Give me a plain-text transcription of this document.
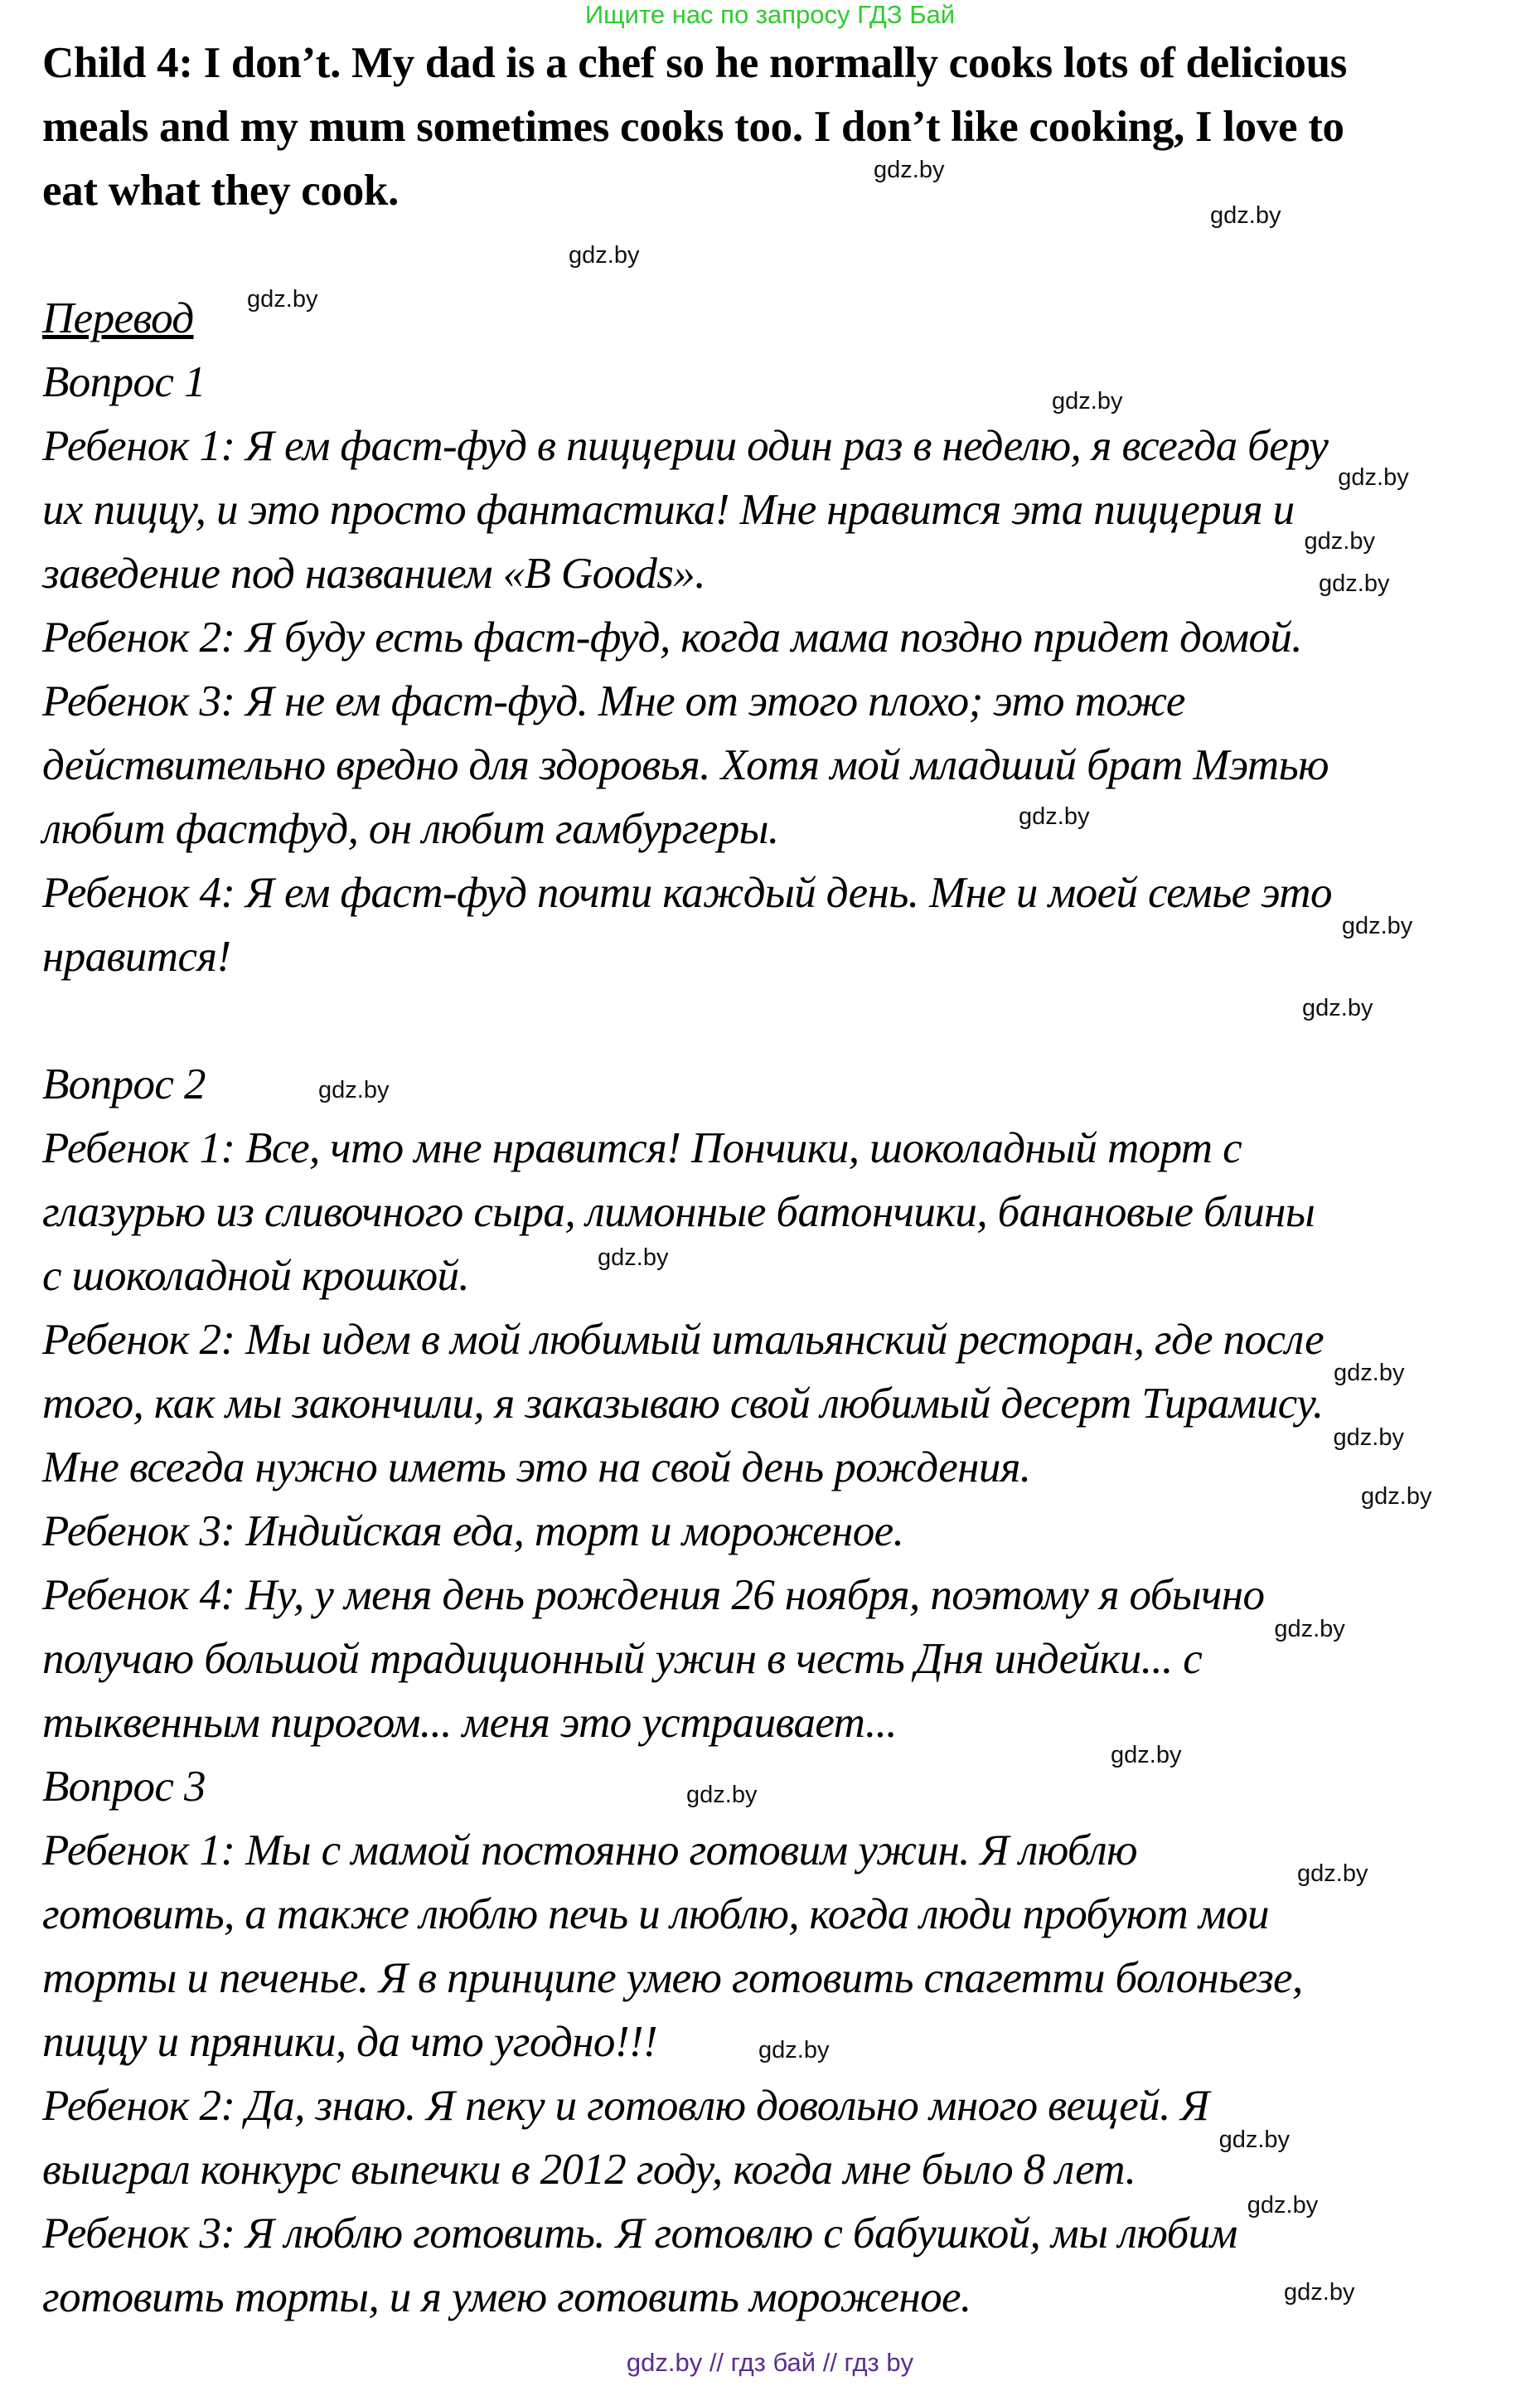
Ищите нас по запросу ГДЗ Бай
Child 4: I don’t. My dad is a chef so he normally cooks lots of delicious
meals and my mum sometimes cooks too. I don’t like cooking, I love to
eat what they cook.
Перевод
Вопрос 1
Ребенок 1: Я ем фаст-фуд в пиццерии один раз в неделю, я всегда беру
их пиццу, и это просто фантастика! Мне нравится эта пиццерия и
заведение под названием «B Goods».
Ребенок 2: Я буду есть фаст-фуд, когда мама поздно придет домой.
Ребенок 3: Я не ем фаст-фуд. Мне от этого плохо; это тоже
действительно вредно для здоровья. Хотя мой младший брат Мэтью
любит фастфуд, он любит гамбургеры.
Ребенок 4: Я ем фаст-фуд почти каждый день. Мне и моей семье это
нравится!
Вопрос 2
Ребенок 1: Все, что мне нравится! Пончики, шоколадный торт с
глазурью из сливочного сыра, лимонные батончики, банановые блины
с шоколадной крошкой.
Ребенок 2: Мы идем в мой любимый итальянский ресторан, где после
того, как мы закончили, я заказываю свой любимый десерт Тирамису.
Мне всегда нужно иметь это на свой день рождения.
Ребенок 3: Индийская еда, торт и мороженое.
Ребенок 4: Ну, у меня день рождения 26 ноября, поэтому я обычно
получаю большой традиционный ужин в честь Дня индейки... с
тыквенным пирогом... меня это устраивает...
Вопрос 3
Ребенок 1: Мы с мамой постоянно готовим ужин. Я люблю
готовить, а также люблю печь и люблю, когда люди пробуют мои
торты и печенье. Я в принципе умею готовить спагетти болоньезе,
пиццу и пряники, да что угодно!!!
Ребенок 2: Да, знаю. Я пеку и готовлю довольно много вещей. Я
выиграл конкурс выпечки в 2012 году, когда мне было 8 лет.
Ребенок 3: Я люблю готовить. Я готовлю с бабушкой, мы любим
готовить торты, и я умею готовить мороженое.
gdz.by
gdz.by
gdz.by
gdz.by
gdz.by
gdz.by
gdz.by
gdz.by
gdz.by
gdz.by
gdz.by
gdz.by
gdz.by
gdz.by
gdz.by
gdz.by
gdz.by
gdz.by
gdz.by
gdz.by
gdz.by
gdz.by
gdz.by
gdz.by
gdz.by // гдз бай // гдз by
